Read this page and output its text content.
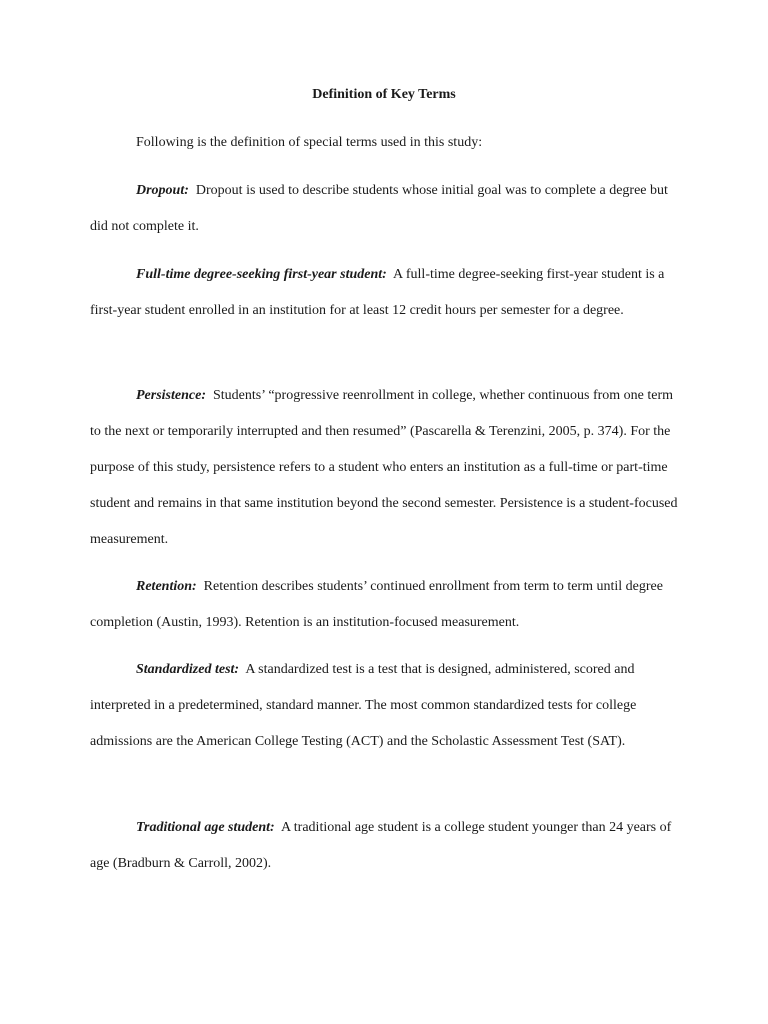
Definition of Key Terms
Following is the definition of special terms used in this study:
Dropout: Dropout is used to describe students whose initial goal was to complete a degree but did not complete it.
Full-time degree-seeking first-year student: A full-time degree-seeking first-year student is a first-year student enrolled in an institution for at least 12 credit hours per semester for a degree.
Persistence: Students’ “progressive reenrollment in college, whether continuous from one term to the next or temporarily interrupted and then resumed” (Pascarella & Terenzini, 2005, p. 374). For the purpose of this study, persistence refers to a student who enters an institution as a full-time or part-time student and remains in that same institution beyond the second semester. Persistence is a student-focused measurement.
Retention: Retention describes students’ continued enrollment from term to term until degree completion (Austin, 1993). Retention is an institution-focused measurement.
Standardized test: A standardized test is a test that is designed, administered, scored and interpreted in a predetermined, standard manner. The most common standardized tests for college admissions are the American College Testing (ACT) and the Scholastic Assessment Test (SAT).
Traditional age student: A traditional age student is a college student younger than 24 years of age (Bradburn & Carroll, 2002).
